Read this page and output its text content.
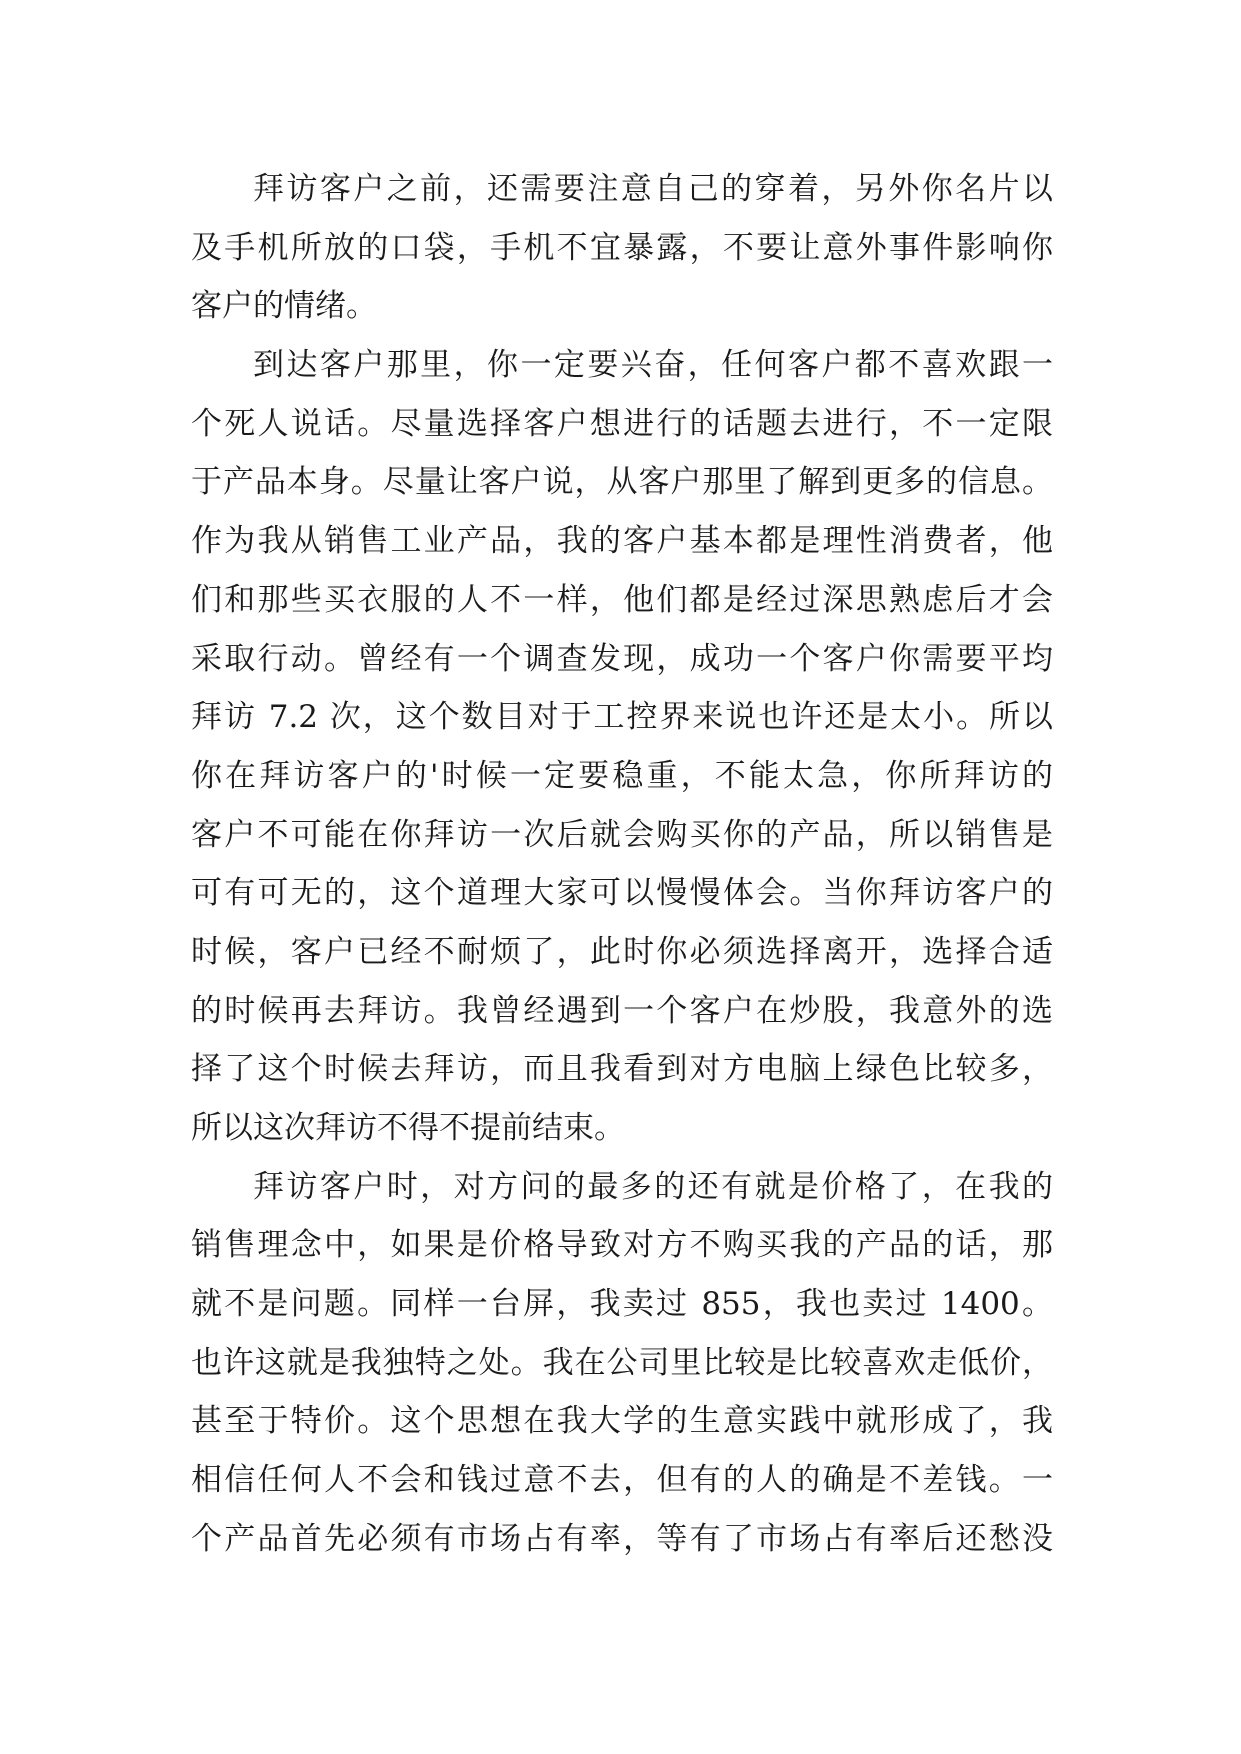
拜访客户之前，还需要注意自己的穿着，另外你名片以
及手机所放的口袋，手机不宜暴露，不要让意外事件影响你
客户的情绪。
到达客户那里，你一定要兴奋，任何客户都不喜欢跟一
个死人说话。尽量选择客户想进行的话题去进行，不一定限
于产品本身。尽量让客户说，从客户那里了解到更多的信息。
作为我从销售工业产品，我的客户基本都是理性消费者，他
们和那些买衣服的人不一样，他们都是经过深思熟虑后才会
采取行动。曾经有一个调查发现，成功一个客户你需要平均
拜访 7.2 次，这个数目对于工控界来说也许还是太小。所以
你在拜访客户的'时候一定要稳重，不能太急，你所拜访的
客户不可能在你拜访一次后就会购买你的产品，所以销售是
可有可无的，这个道理大家可以慢慢体会。当你拜访客户的
时候，客户已经不耐烦了，此时你必须选择离开，选择合适
的时候再去拜访。我曾经遇到一个客户在炒股，我意外的选
择了这个时候去拜访，而且我看到对方电脑上绿色比较多，
所以这次拜访不得不提前结束。
拜访客户时，对方问的最多的还有就是价格了，在我的
销售理念中，如果是价格导致对方不购买我的产品的话，那
就不是问题。同样一台屏，我卖过 855，我也卖过 1400。
也许这就是我独特之处。我在公司里比较是比较喜欢走低价，
甚至于特价。这个思想在我大学的生意实践中就形成了，我
相信任何人不会和钱过意不去，但有的人的确是不差钱。一
个产品首先必须有市场占有率，等有了市场占有率后还愁没
